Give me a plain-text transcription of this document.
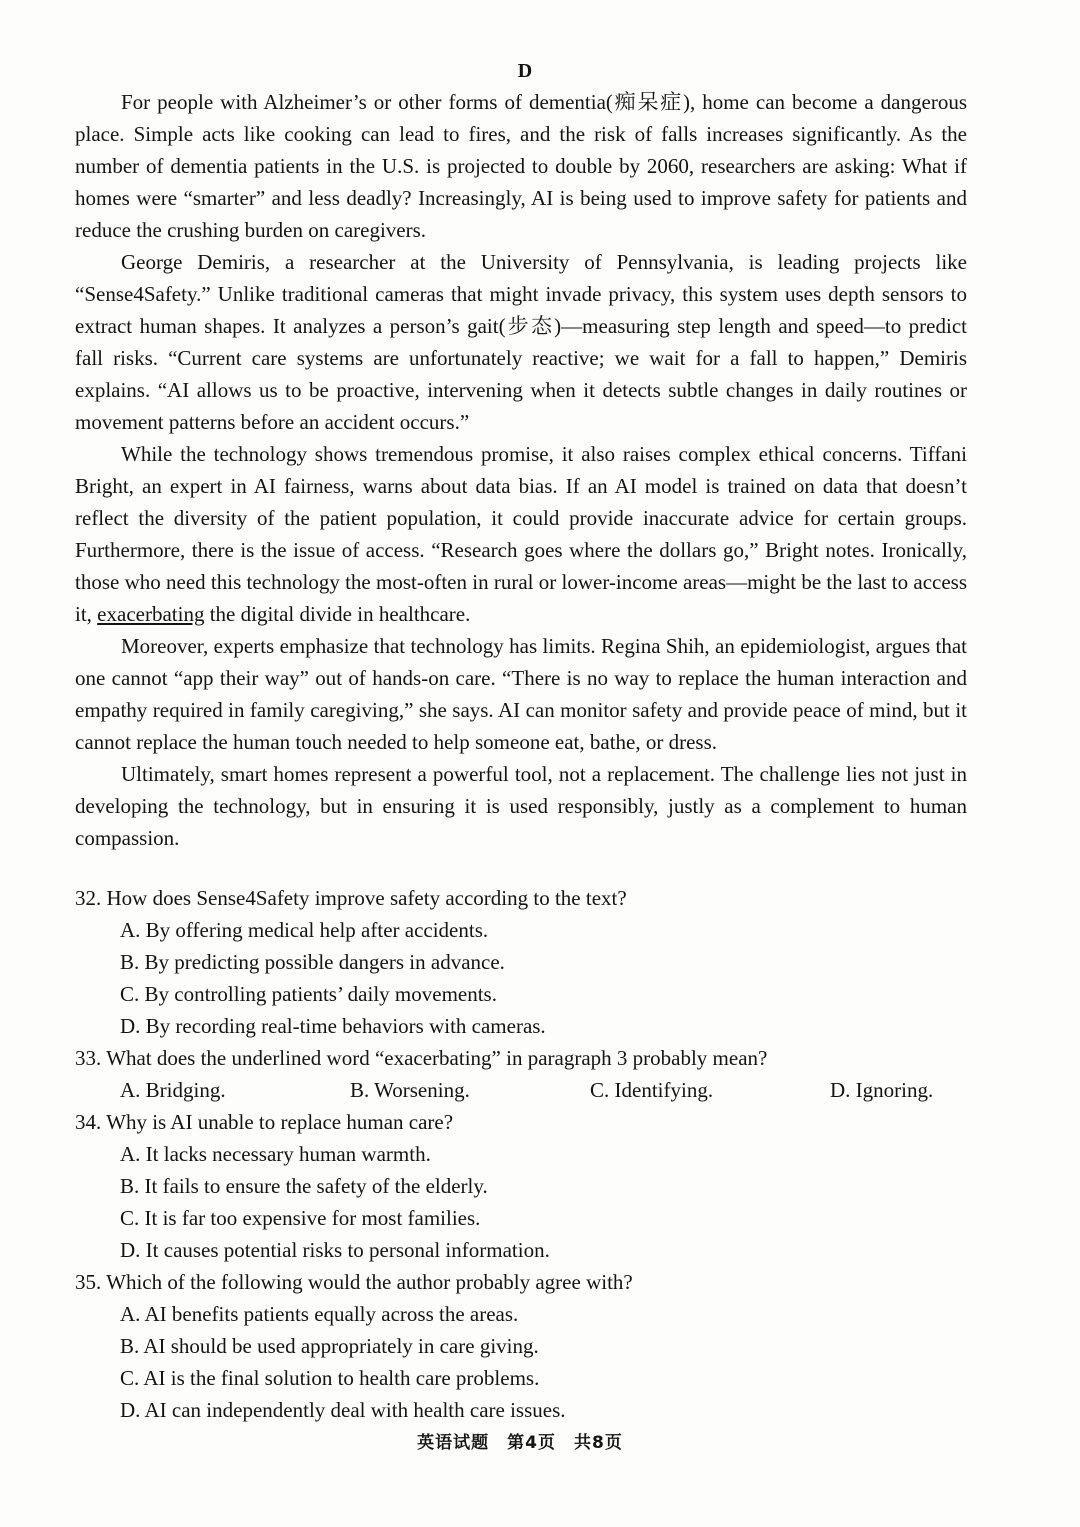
D

For people with Alzheimer’s or other forms of dementia(痴呆症), home can become a dangerous place. Simple acts like cooking can lead to fires, and the risk of falls increases significantly. As the number of dementia patients in the U.S. is projected to double by 2060, researchers are asking: What if homes were “smarter” and less deadly? Increasingly, AI is being used to improve safety for patients and reduce the crushing burden on caregivers.

George Demiris, a researcher at the University of Pennsylvania, is leading projects like “Sense4Safety.” Unlike traditional cameras that might invade privacy, this system uses depth sensors to extract human shapes. It analyzes a person’s gait(步态)—measuring step length and speed—to predict fall risks. “Current care systems are unfortunately reactive; we wait for a fall to happen,” Demiris explains. “AI allows us to be proactive, intervening when it detects subtle changes in daily routines or movement patterns before an accident occurs.”

While the technology shows tremendous promise, it also raises complex ethical concerns. Tiffani Bright, an expert in AI fairness, warns about data bias. If an AI model is trained on data that doesn’t reflect the diversity of the patient population, it could provide inaccurate advice for certain groups. Furthermore, there is the issue of access. “Research goes where the dollars go,” Bright notes. Ironically, those who need this technology the most-often in rural or lower-income areas—might be the last to access it, exacerbating the digital divide in healthcare.

Moreover, experts emphasize that technology has limits. Regina Shih, an epidemiologist, argues that one cannot “app their way” out of hands-on care. “There is no way to replace the human interaction and empathy required in family caregiving,” she says. AI can monitor safety and provide peace of mind, but it cannot replace the human touch needed to help someone eat, bathe, or dress.

Ultimately, smart homes represent a powerful tool, not a replacement. The challenge lies not just in developing the technology, but in ensuring it is used responsibly, justly as a complement to human compassion.

32. How does Sense4Safety improve safety according to the text?

A. By offering medical help after accidents.

B. By predicting possible dangers in advance.

C. By controlling patients’ daily movements.

D. By recording real-time behaviors with cameras.

33. What does the underlined word “exacerbating” in paragraph 3 probably mean?

A. Bridging.	B. Worsening.	C. Identifying.	D. Ignoring.

34. Why is AI unable to replace human care?

A. It lacks necessary human warmth.

B. It fails to ensure the safety of the elderly.

C. It is far too expensive for most families.

D. It causes potential risks to personal information.

35. Which of the following would the author probably agree with?

A. AI benefits patients equally across the areas.

B. AI should be used appropriately in care giving.

C. AI is the final solution to health care problems.

D. AI can independently deal with health care issues.

英语试题　第4页　共8页
